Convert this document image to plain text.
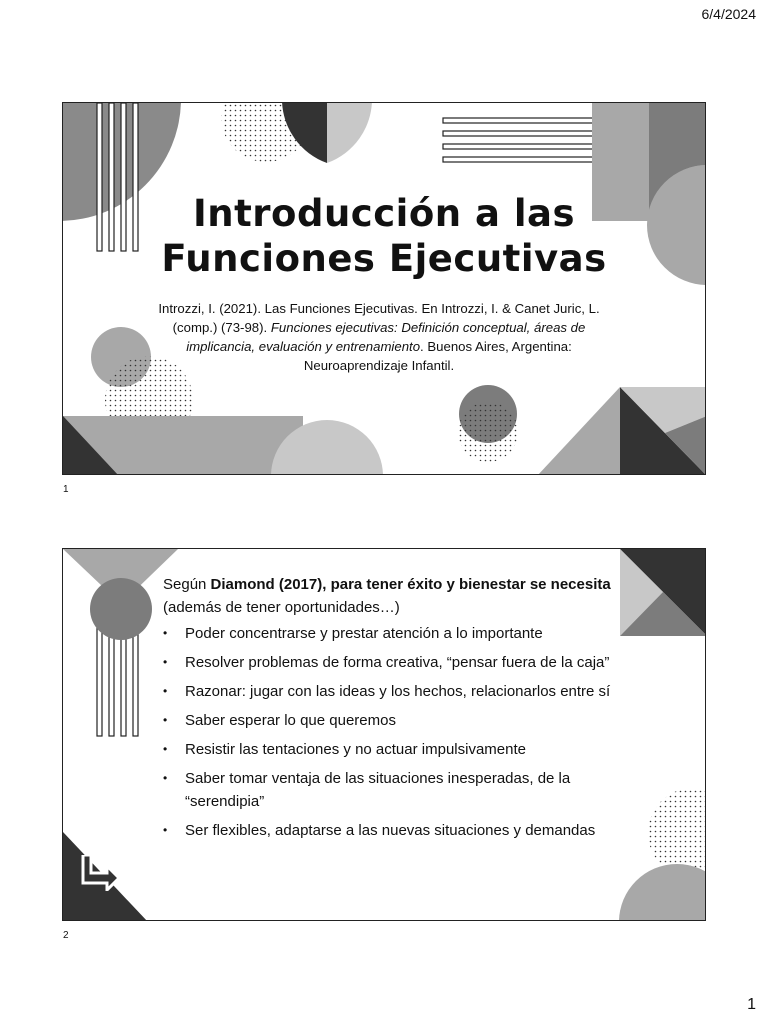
6/4/2024
Introducción a las
Funciones Ejecutivas
Introzzi, I. (2021). Las Funciones Ejecutivas. En Introzzi, I. & Canet Juric, L. (comp.) (73-98). Funciones ejecutivas: Definición conceptual, áreas de implicancia, evaluación y entrenamiento. Buenos Aires, Argentina: Neuroaprendizaje Infantil.
1

Según Diamond (2017), para tener éxito y bienestar se necesita (además de tener oportunidades…)

• Poder concentrarse y prestar atención a lo importante
• Resolver problemas de forma creativa, “pensar fuera de la caja”
• Razonar: jugar con las ideas y los hechos, relacionarlos entre sí
• Saber esperar lo que queremos
• Resistir las tentaciones y no actuar impulsivamente
• Saber tomar ventaja de las situaciones inesperadas, de la “serendipia”
• Ser flexibles, adaptarse a las nuevas situaciones y demandas
2
1
